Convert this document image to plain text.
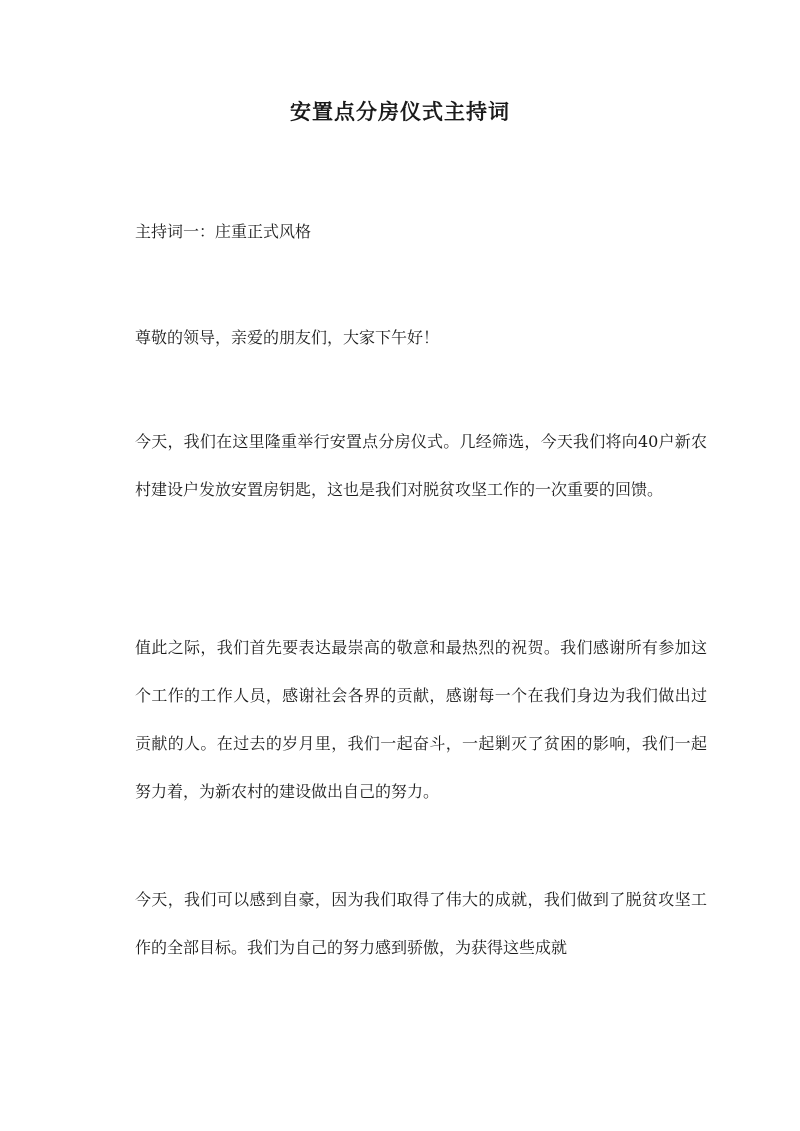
安置点分房仪式主持词
主持词一：庄重正式风格
尊敬的领导，亲爱的朋友们，大家下午好！
今天，我们在这里隆重举行安置点分房仪式。几经筛选，今天我们将向40户新农村建设户发放安置房钥匙，这也是我们对脱贫攻坚工作的一次重要的回馈。
值此之际，我们首先要表达最崇高的敬意和最热烈的祝贺。我们感谢所有参加这个工作的工作人员，感谢社会各界的贡献，感谢每一个在我们身边为我们做出过贡献的人。在过去的岁月里，我们一起奋斗，一起剿灭了贫困的影响，我们一起努力着，为新农村的建设做出自己的努力。
今天，我们可以感到自豪，因为我们取得了伟大的成就，我们做到了脱贫攻坚工作的全部目标。我们为自己的努力感到骄傲，为获得这些成就
